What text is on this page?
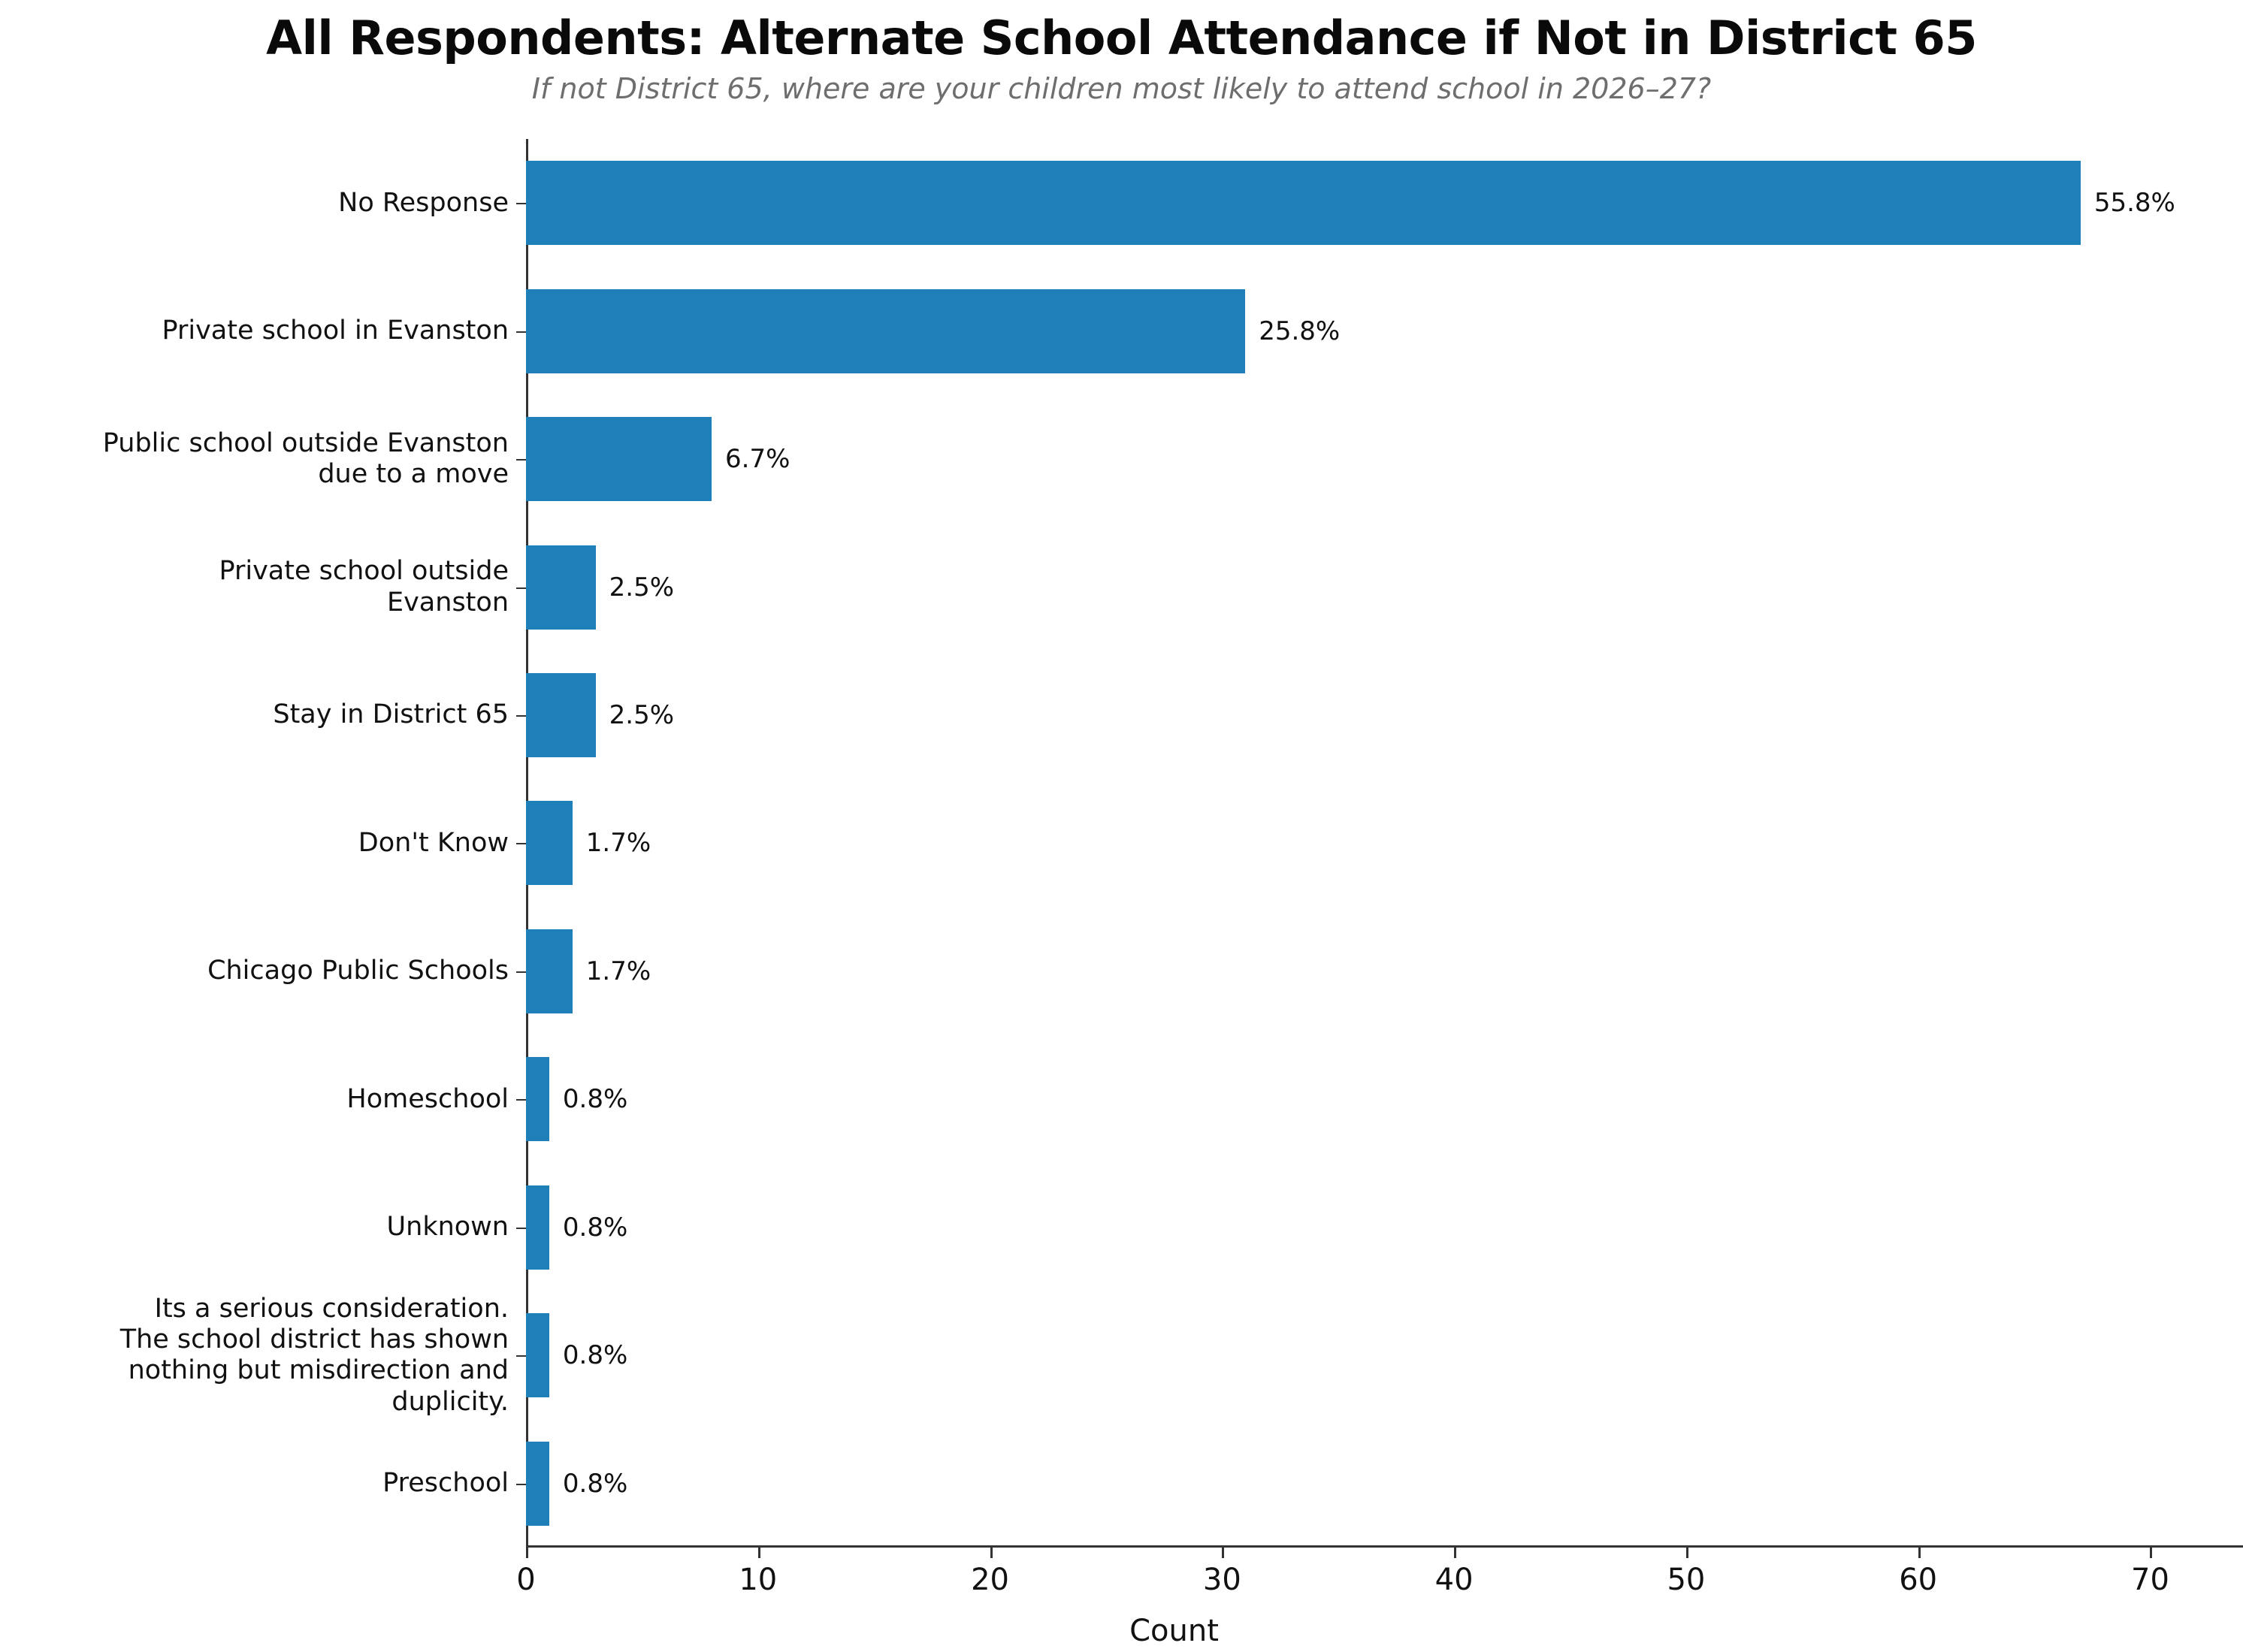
All Respondents: Alternate School Attendance if Not in District 65
If not District 65, where are your children most likely to attend school in 2026–27?
No Response	55.8%
Private school in Evanston	25.8%
Public school outside Evanston
due to a move	6.7%
Private school outside
Evanston	2.5%
Stay in District 65	2.5%
Don't Know	1.7%
Chicago Public Schools	1.7%
Homeschool 0.8%
Unknown 0.8%
Its a serious consideration.
The school district has shown
nothing but misdirection and
duplicity.
0.8%
Preschool 0.8%
0	10	20	30	40	50	60	70
Count
